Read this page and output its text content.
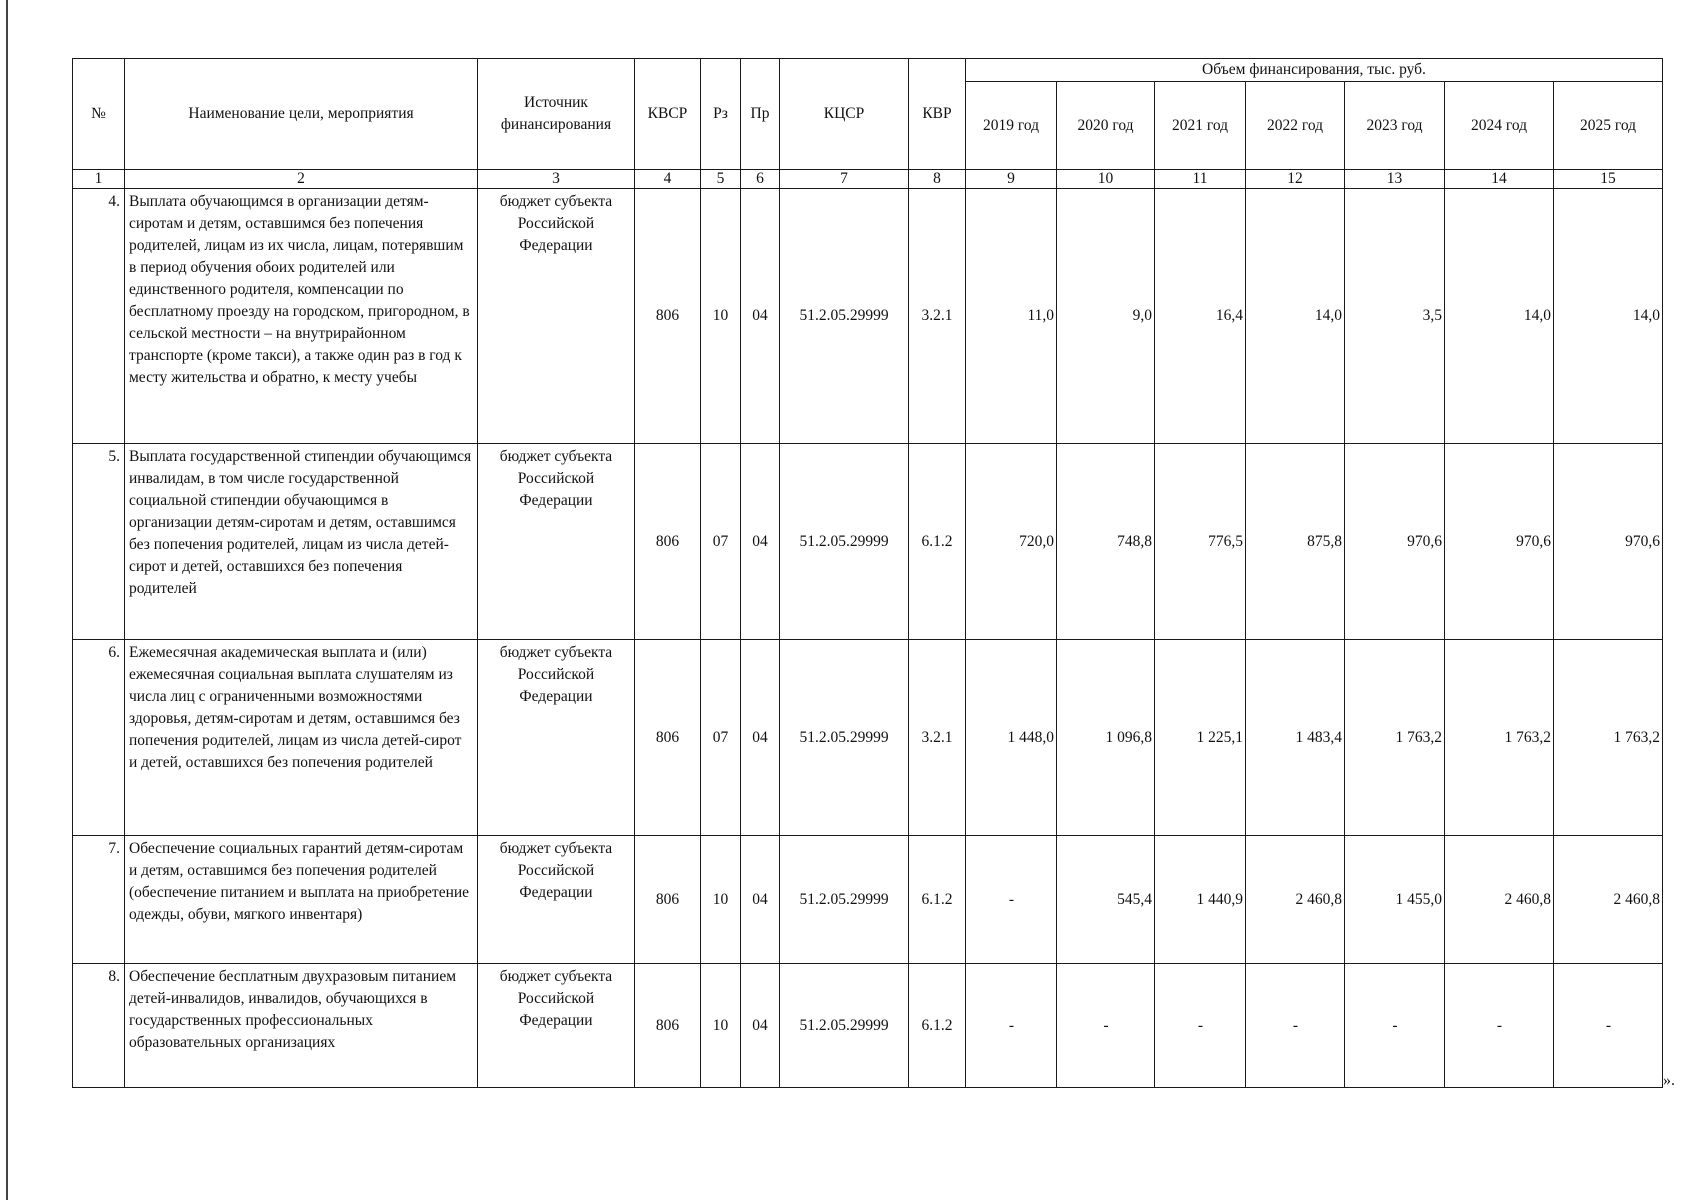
№	Наименование цели, мероприятия	Источник финансирования	КВСР	Рз	Пр	КЦСР	КВР	Объем финансирования, тыс. руб.						
								2019 год	2020 год	2021 год	2022 год	2023 год	2024 год	2025 год
1	2	3	4	5	6	7	8	9	10	11	12	13	14	15
4.	Выплата обучающимся в организации детям-сиротам и детям, оставшимся без попечения родителей, лицам из их числа, лицам, потерявшим в период обучения обоих родителей или единственного родителя, компенсации по бесплатному проезду на городском, пригородном, в сельской местности – на внутрирайонном транспорте (кроме такси), а также один раз в год к месту жительства и обратно, к месту учебы	бюджет субъекта Российской Федерации	806	10	04	51.2.05.29999	3.2.1	11,0	9,0	16,4	14,0	3,5	14,0	14,0
5.	Выплата государственной стипендии обучающимся инвалидам, в том числе государственной социальной стипендии обучающимся в организации детям-сиротам и детям, оставшимся без попечения родителей, лицам из числа детей-сирот и детей, оставшихся без попечения родителей	бюджет субъекта Российской Федерации	806	07	04	51.2.05.29999	6.1.2	720,0	748,8	776,5	875,8	970,6	970,6	970,6
6.	Ежемесячная академическая выплата и (или) ежемесячная социальная выплата слушателям из числа лиц с ограниченными возможностями здоровья, детям-сиротам и детям, оставшимся без попечения родителей, лицам из числа детей-сирот и детей, оставшихся без попечения родителей	бюджет субъекта Российской Федерации	806	07	04	51.2.05.29999	3.2.1	1 448,0	1 096,8	1 225,1	1 483,4	1 763,2	1 763,2	1 763,2
7.	Обеспечение социальных гарантий детям-сиротам и детям, оставшимся без попечения родителей (обеспечение питанием и выплата на приобретение одежды, обуви, мягкого инвентаря)	бюджет субъекта Российской Федерации	806	10	04	51.2.05.29999	6.1.2	-	545,4	1 440,9	2 460,8	1 455,0	2 460,8	2 460,8
8.	Обеспечение бесплатным двухразовым питанием детей-инвалидов, инвалидов, обучающихся в государственных профессиональных образовательных организациях	бюджет субъекта Российской Федерации	806	10	04	51.2.05.29999	6.1.2	-	-	-	-	-	-	-
».
